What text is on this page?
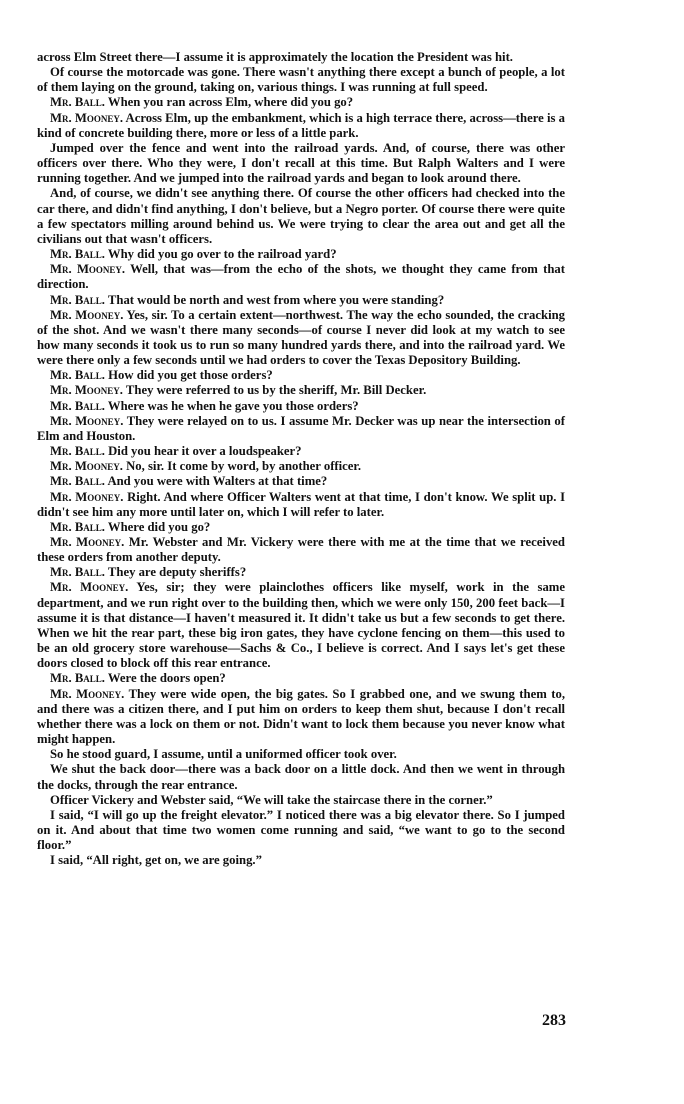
across Elm Street there—I assume it is approximately the location the President was hit.

Of course the motorcade was gone. There wasn't anything there except a bunch of people, a lot of them laying on the ground, taking on, various things. I was running at full speed.

Mr. Ball. When you ran across Elm, where did you go?

Mr. Mooney. Across Elm, up the embankment, which is a high terrace there, across—there is a kind of concrete building there, more or less of a little park.

Jumped over the fence and went into the railroad yards. And, of course, there was other officers over there. Who they were, I don't recall at this time. But Ralph Walters and I were running together. And we jumped into the railroad yards and began to look around there.

And, of course, we didn't see anything there. Of course the other officers had checked into the car there, and didn't find anything, I don't believe, but a Negro porter. Of course there were quite a few spectators milling around behind us. We were trying to clear the area out and get all the civilians out that wasn't officers.

Mr. Ball. Why did you go over to the railroad yard?

Mr. Mooney. Well, that was—from the echo of the shots, we thought they came from that direction.

Mr. Ball. That would be north and west from where you were standing?

Mr. Mooney. Yes, sir. To a certain extent—northwest. The way the echo sounded, the cracking of the shot. And we wasn't there many seconds—of course I never did look at my watch to see how many seconds it took us to run so many hundred yards there, and into the railroad yard. We were there only a few seconds until we had orders to cover the Texas Depository Building.

Mr. Ball. How did you get those orders?

Mr. Mooney. They were referred to us by the sheriff, Mr. Bill Decker.

Mr. Ball. Where was he when he gave you those orders?

Mr. Mooney. They were relayed on to us. I assume Mr. Decker was up near the intersection of Elm and Houston.

Mr. Ball. Did you hear it over a loudspeaker?

Mr. Mooney. No, sir. It come by word, by another officer.

Mr. Ball. And you were with Walters at that time?

Mr. Mooney. Right. And where Officer Walters went at that time, I don't know. We split up. I didn't see him any more until later on, which I will refer to later.

Mr. Ball. Where did you go?

Mr. Mooney. Mr. Webster and Mr. Vickery were there with me at the time that we received these orders from another deputy.

Mr. Ball. They are deputy sheriffs?

Mr. Mooney. Yes, sir; they were plainclothes officers like myself, work in the same department, and we run right over to the building then, which we were only 150, 200 feet back—I assume it is that distance—I haven't measured it. It didn't take us but a few seconds to get there. When we hit the rear part, these big iron gates, they have cyclone fencing on them—this used to be an old grocery store warehouse—Sachs & Co., I believe is correct. And I says let's get these doors closed to block off this rear entrance.

Mr. Ball. Were the doors open?

Mr. Mooney. They were wide open, the big gates. So I grabbed one, and we swung them to, and there was a citizen there, and I put him on orders to keep them shut, because I don't recall whether there was a lock on them or not. Didn't want to lock them because you never know what might happen.

So he stood guard, I assume, until a uniformed officer took over.

We shut the back door—there was a back door on a little dock. And then we went in through the docks, through the rear entrance.

Officer Vickery and Webster said, “We will take the staircase there in the corner.”

I said, “I will go up the freight elevator.” I noticed there was a big elevator there. So I jumped on it. And about that time two women come running and said, “we want to go to the second floor.”

I said, “All right, get on, we are going.”

283
